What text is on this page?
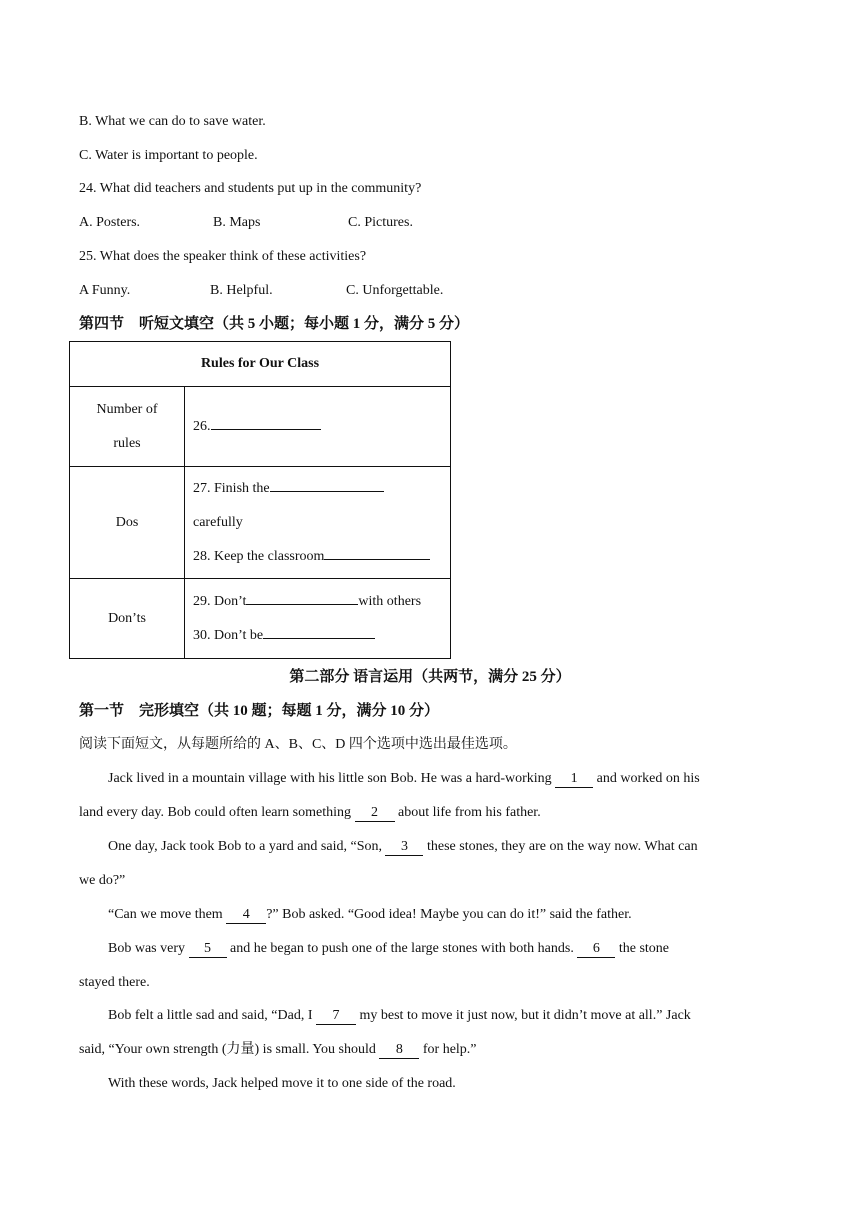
B. What we can do to save water.
C. Water is important to people.
24. What did teachers and students put up in the community?
A. Posters.	B. Maps	C. Pictures.
25. What does the speaker think of these activities?
A Funny.	B. Helpful.	C. Unforgettable.
第四节　听短文填空（共 5 小题；每小题 1 分，满分 5 分）
Rules for Our Class	

Number of
rules	26.

Dos	27. Finish the
carefully
28. Keep the classroom

Don’ts	29. Don’t with others
30. Don’t be
第二部分 语言运用（共两节，满分 25 分）
第一节　完形填空（共 10 题；每题 1 分，满分 10 分）
阅读下面短文，从每题所给的 A、B、C、D 四个选项中选出最佳选项。
Jack lived in a mountain village with his little son Bob. He was a hard-working 1 and worked on his
land every day. Bob could often learn something 2 about life from his father.
One day, Jack took Bob to a yard and said, “Son, 3 these stones, they are on the way now. What can
we do?”
“Can we move them 4 ?” Bob asked. “Good idea! Maybe you can do it!” said the father.
Bob was very 5 and he began to push one of the large stones with both hands. 6 the stone
stayed there.
Bob felt a little sad and said, “Dad, I 7 my best to move it just now, but it didn’t move at all.” Jack
said, “Your own strength (力量) is small. You should 8 for help.”
With these words, Jack helped move it to one side of the road.
